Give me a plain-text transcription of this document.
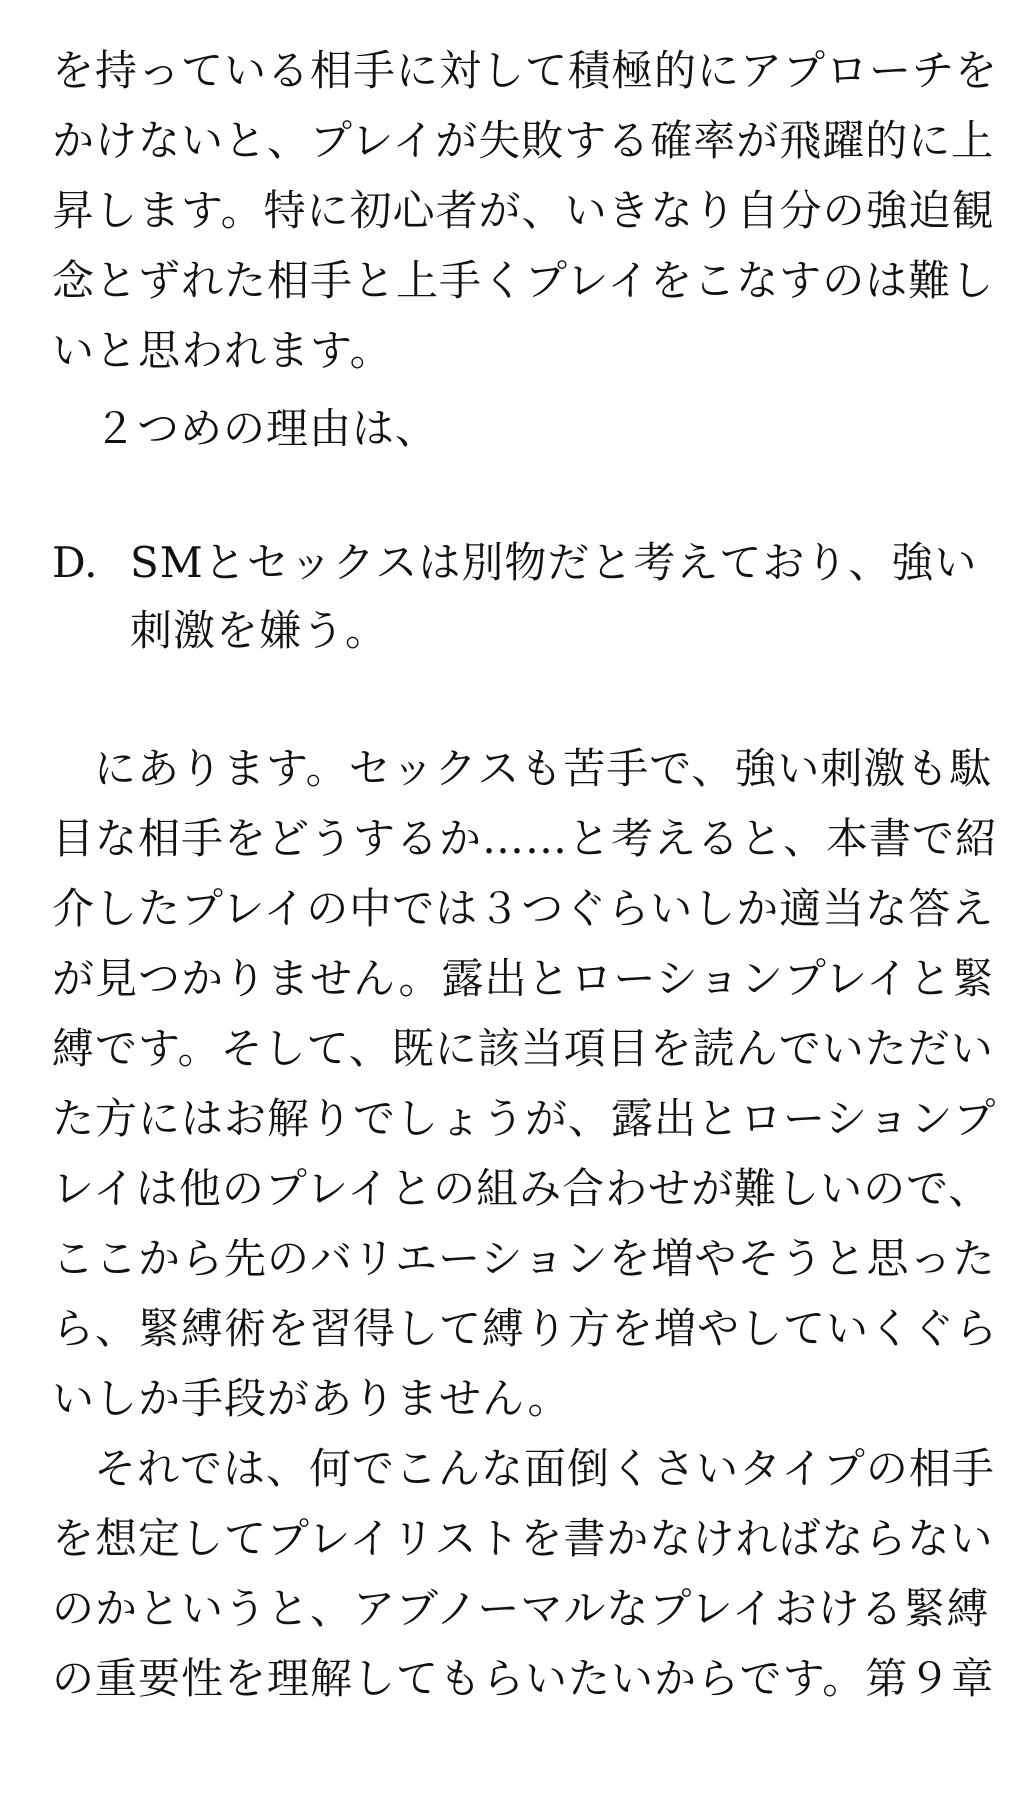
を持っている相手に対して積極的にアプローチを
かけないと、プレイが失敗する確率が飛躍的に上
昇します。特に初心者が、いきなり自分の強迫観
念とずれた相手と上手くプレイをこなすのは難し
いと思われます。
２つめの理由は、
D. SMとセックスは別物だと考えており、強い
刺激を嫌う。
にあります。セックスも苦手で、強い刺激も駄
目な相手をどうするか……と考えると、本書で紹
介したプレイの中では３つぐらいしか適当な答え
が見つかりません。露出とローションプレイと緊
縛です。そして、既に該当項目を読んでいただい
た方にはお解りでしょうが、露出とローションプ
レイは他のプレイとの組み合わせが難しいので、
ここから先のバリエーションを増やそうと思った
ら、緊縛術を習得して縛り方を増やしていくぐら
いしか手段がありません。
それでは、何でこんな面倒くさいタイプの相手
を想定してプレイリストを書かなければならない
のかというと、アブノーマルなプレイおける緊縛
の重要性を理解してもらいたいからです。第９章
